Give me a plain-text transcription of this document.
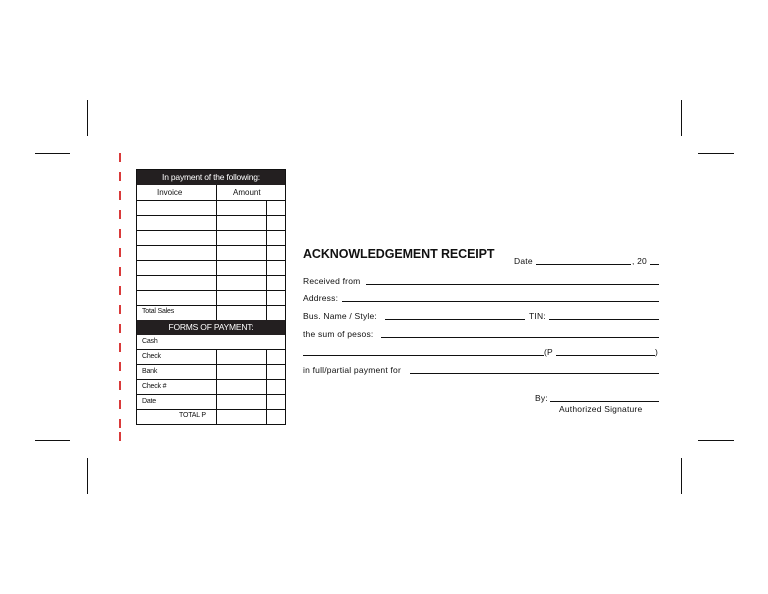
In payment of the following:
Invoice	Amount
Total Sales
FORMS OF PAYMENT:
Cash
Check
Bank
Check #
Date
TOTAL P
ACKNOWLEDGEMENT RECEIPT Date	, 20
Received from
Address:
Bus. Name / Style:	TIN:
the sum of pesos:
(P	)
in full/partial payment for
By:
Authorized Signature
